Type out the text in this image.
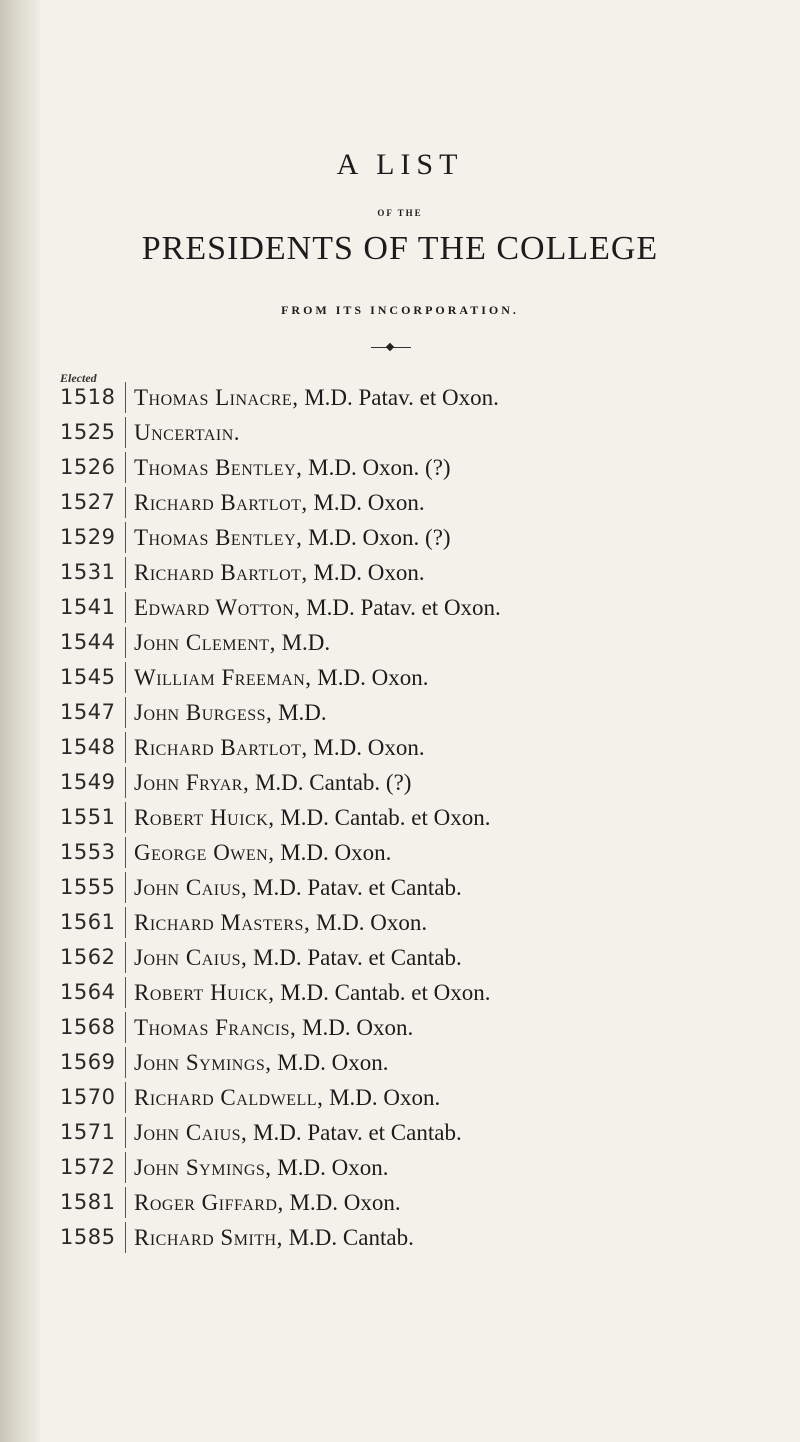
A LIST
OF THE
PRESIDENTS OF THE COLLEGE
FROM ITS INCORPORATION.
Elected
1518 Thomas Linacre, M.D. Patav. et Oxon.
1525 Uncertain.
1526 Thomas Bentley, M.D. Oxon. (?)
1527 Richard Bartlot, M.D. Oxon.
1529 Thomas Bentley, M.D. Oxon. (?)
1531 Richard Bartlot, M.D. Oxon.
1541 Edward Wotton, M.D. Patav. et Oxon.
1544 John Clement, M.D.
1545 William Freeman, M.D. Oxon.
1547 John Burgess, M.D.
1548 Richard Bartlot, M.D. Oxon.
1549 John Fryar, M.D. Cantab. (?)
1551 Robert Huick, M.D. Cantab. et Oxon.
1553 George Owen, M.D. Oxon.
1555 John Caius, M.D. Patav. et Cantab.
1561 Richard Masters, M.D. Oxon.
1562 John Caius, M.D. Patav. et Cantab.
1564 Robert Huick, M.D. Cantab. et Oxon.
1568 Thomas Francis, M.D. Oxon.
1569 John Symings, M.D. Oxon.
1570 Richard Caldwell, M.D. Oxon.
1571 John Caius, M.D. Patav. et Cantab.
1572 John Symings, M.D. Oxon.
1581 Roger Giffard, M.D. Oxon.
1585 Richard Smith, M.D. Cantab.
